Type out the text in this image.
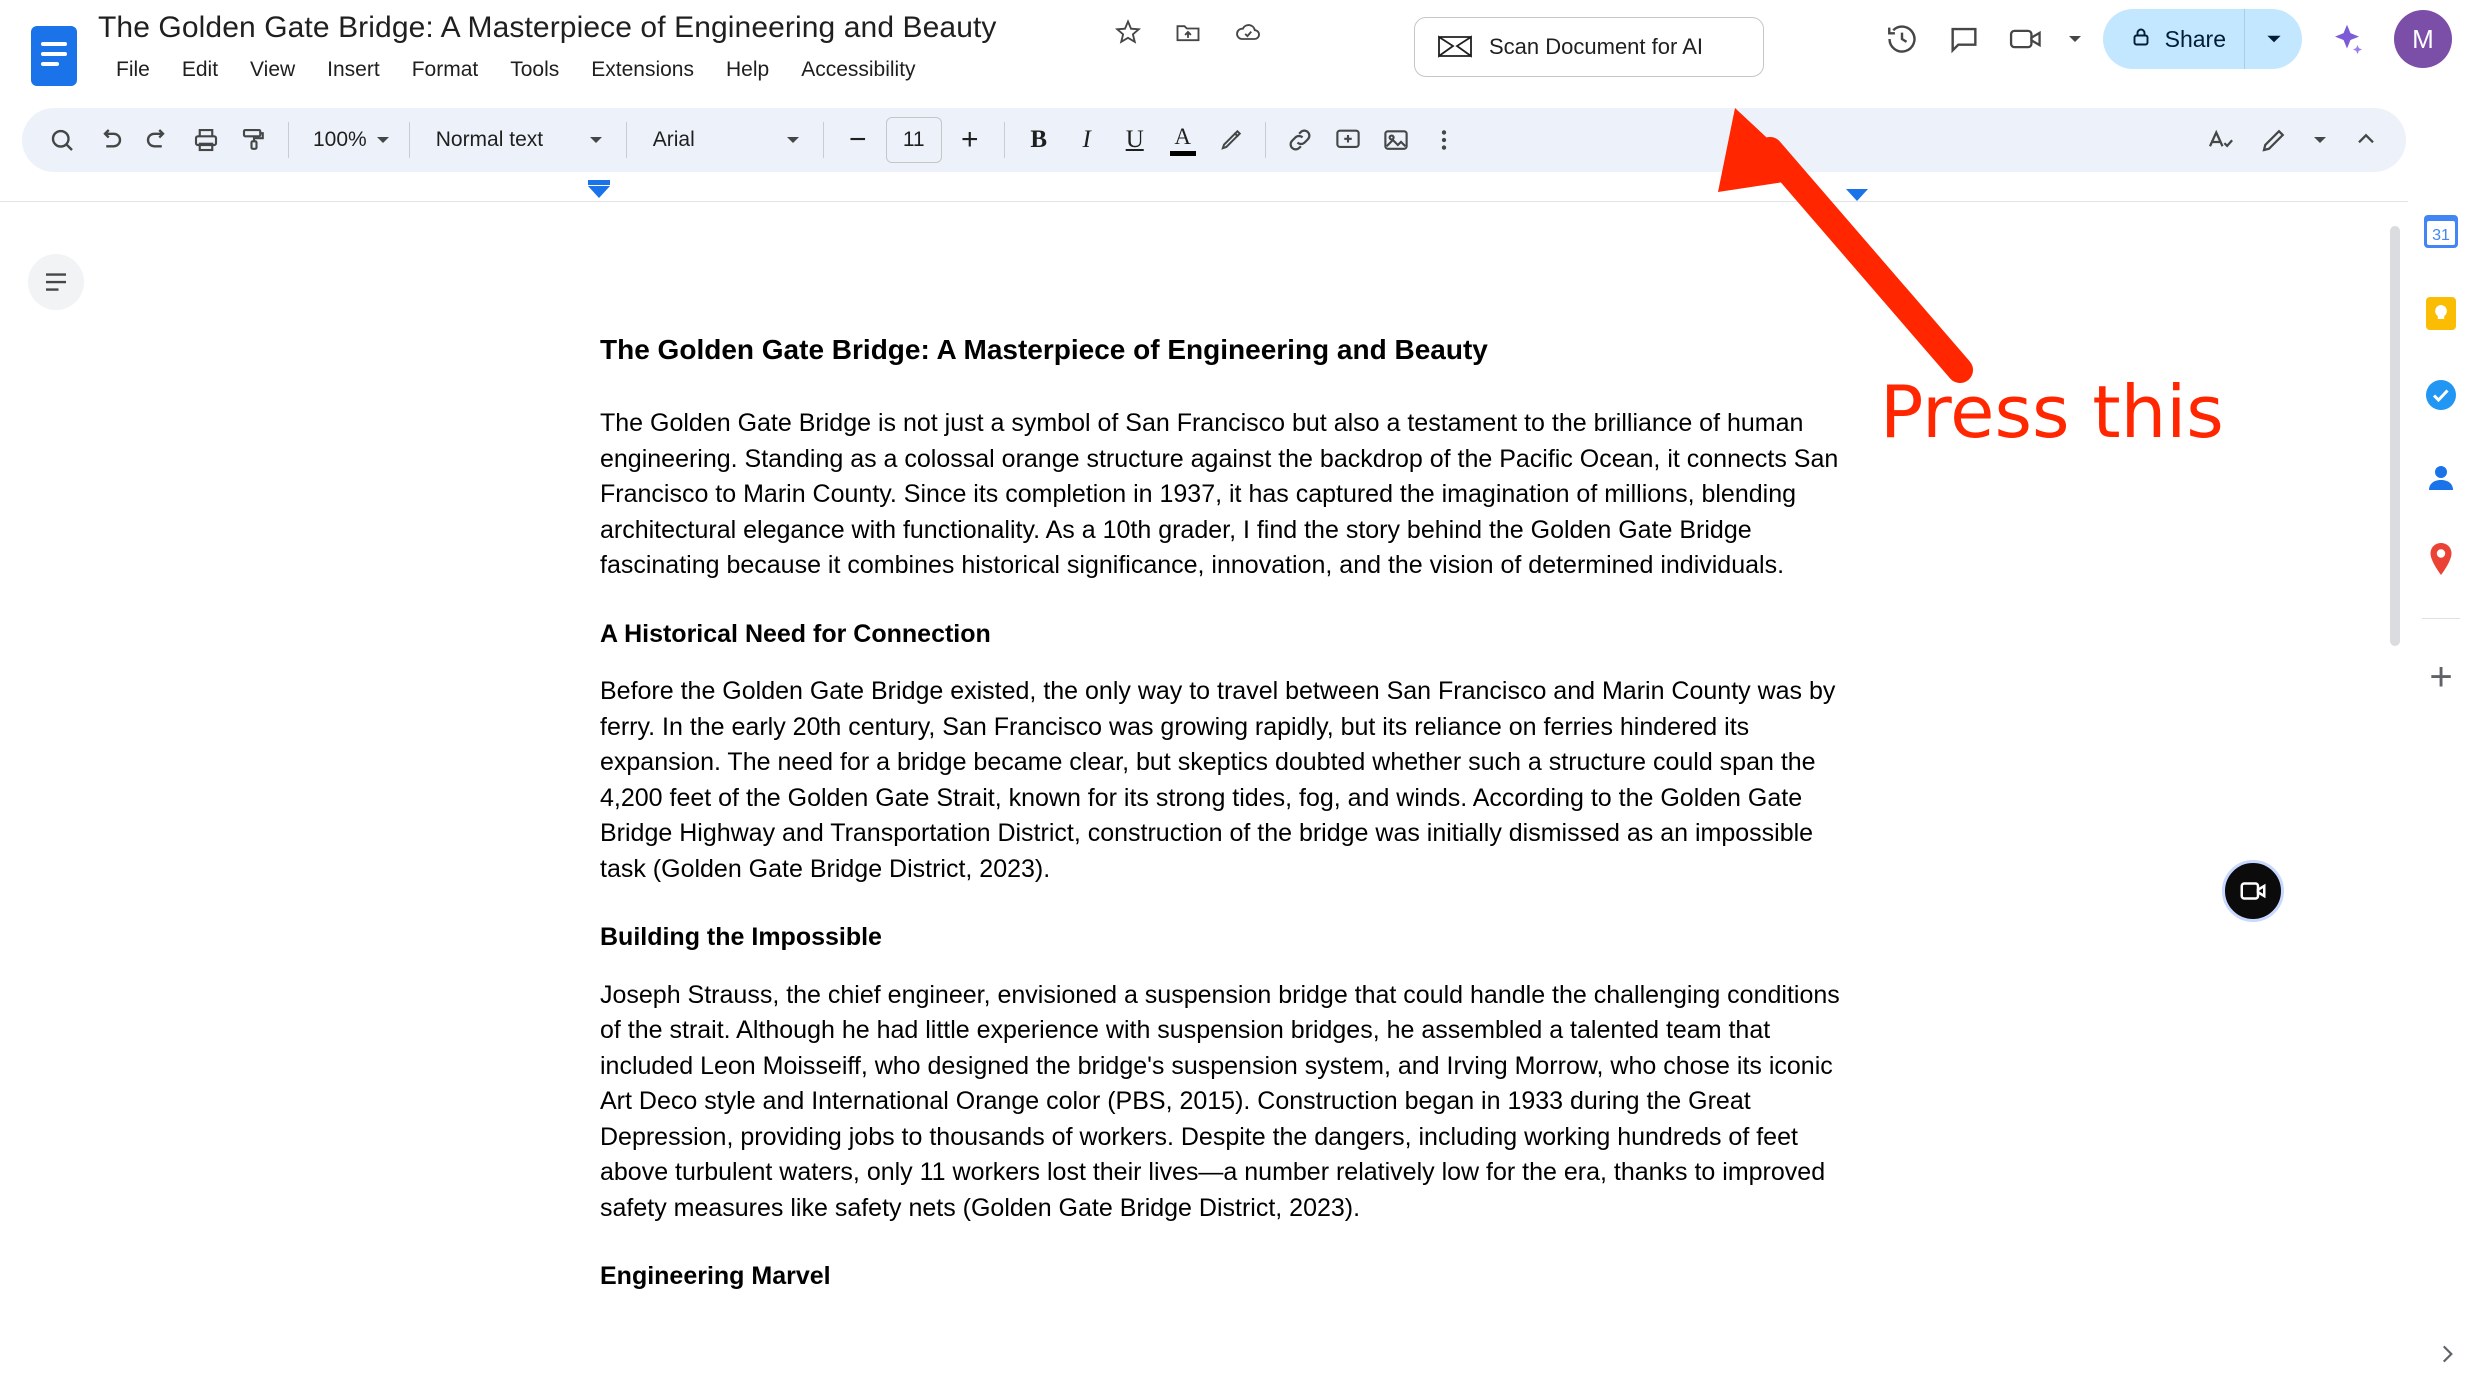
The Golden Gate Bridge: A Masterpiece of Engineering and Beauty
File	Edit	View	Insert	Format	Tools	Extensions	Help	Accessibility
Scan Document for AI	Share	M
100%	Normal text	Arial	−
11	+ B I U A
The Golden Gate Bridge: A Masterpiece of Engineering and Beauty

The Golden Gate Bridge is not just a symbol of San Francisco but also a testament to the brilliance of human engineering. Standing as a colossal orange structure against the backdrop of the Pacific Ocean, it connects San Francisco to Marin County. Since its completion in 1937, it has captured the imagination of millions, blending architectural elegance with functionality. As a 10th grader, I find the story behind the Golden Gate Bridge fascinating because it combines historical significance, innovation, and the vision of determined individuals.

A Historical Need for Connection

Before the Golden Gate Bridge existed, the only way to travel between San Francisco and Marin County was by ferry. In the early 20th century, San Francisco was growing rapidly, but its reliance on ferries hindered its expansion. The need for a bridge became clear, but skeptics doubted whether such a structure could span the 4,200 feet of the Golden Gate Strait, known for its strong tides, fog, and winds. According to the Golden Gate Bridge Highway and Transportation District, construction of the bridge was initially dismissed as an impossible task (Golden Gate Bridge District, 2023).

Building the Impossible

Joseph Strauss, the chief engineer, envisioned a suspension bridge that could handle the challenging conditions of the strait. Although he had little experience with suspension bridges, he assembled a talented team that included Leon Moisseiff, who designed the bridge's suspension system, and Irving Morrow, who chose its iconic Art Deco style and International Orange color (PBS, 2015). Construction began in 1933 during the Great Depression, providing jobs to thousands of workers. Despite the dangers, including working hundreds of feet above turbulent waters, only 11 workers lost their lives—a number relatively low for the era, thanks to improved safety measures like safety nets (Golden Gate Bridge District, 2023).

Engineering Marvel
31
+
Press this
